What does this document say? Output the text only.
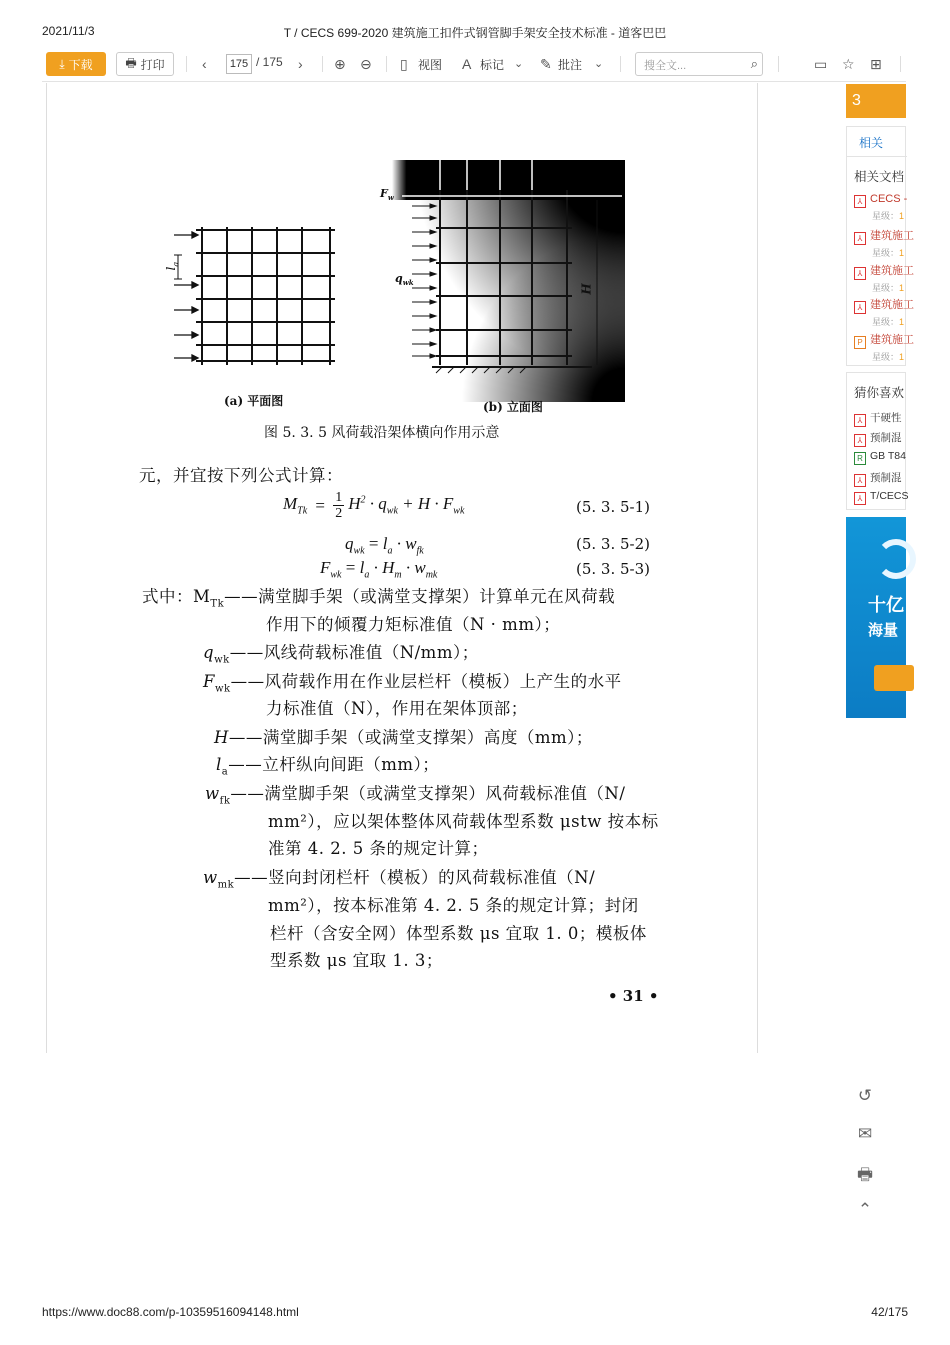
2021/11/3	T / CECS 699-2020 建筑施工扣件式钢管脚手架安全技术标准 - 道客巴巴
⤓ 下载	🖶 打印	‹	175 / 175 › ⊕ ⊖ ▯ 视图 A 标记 ⌄ ✎ 批注 ⌄	搜全文...	⌕	▭ ☆ ⊞
$l_a$
(a) 平面图
$F_w$
$q_{wk}$
H
(b) 立面图
图 5. 3. 5 风荷载沿架体横向作用示意
元，并宜按下列公式计算：
$M_{Tk} = \frac{1}{2} H^2 \cdot q_{wk} + H \cdot F_{wk}$	(5. 3. 5-1)
$q_{wk} = l_a \cdot w_{fk}$	(5. 3. 5-2)
$F_{wk} = l_a \cdot H_m \cdot w_{mk}$	(5. 3. 5-3)
式中：$M_{Tk}——$满堂脚手架（或满堂支撑架）计算单元在风荷载
作用下的倾覆力矩标准值（N · mm）；
$q_{wk}——$风线荷载标准值（N/mm）；
$F_{wk}——$风荷载作用在作业层栏杆（模板）上产生的水平
力标准值（N），作用在架体顶部；
H——满堂脚手架（或满堂支撑架）高度（mm）；
$l_a——$立杆纵向间距（mm）；
$w_{fk}——$满堂脚手架（或满堂支撑架）风荷载标准值（N/
mm²），应以架体整体风荷载体型系数 μstw 按本标
准第 4. 2. 5 条的规定计算；
$w_{mk}——$竖向封闭栏杆（模板）的风荷载标准值（N/
mm²），按本标准第 4. 2. 5 条的规定计算；封闭
栏杆（含安全网）体型系数 μs 宜取 1. 0；模板体
型系数 μs 宜取 1. 3；
• 31 •
3
相关
相关文档
⅄ CECS -
星级：1
⅄ 建筑施工
星级：1
⅄ 建筑施工
星级：1
⅄ 建筑施工
星级：1
P 建筑施工
星级：1
猜你喜欢
⅄ 干硬性
⅄ 预制混
R GB T84
⅄ 预制混
⅄ T/CECS
十亿
海量
↺
✉
🖶
⌃
https://www.doc88.com/p-10359516094148.html	42/175
